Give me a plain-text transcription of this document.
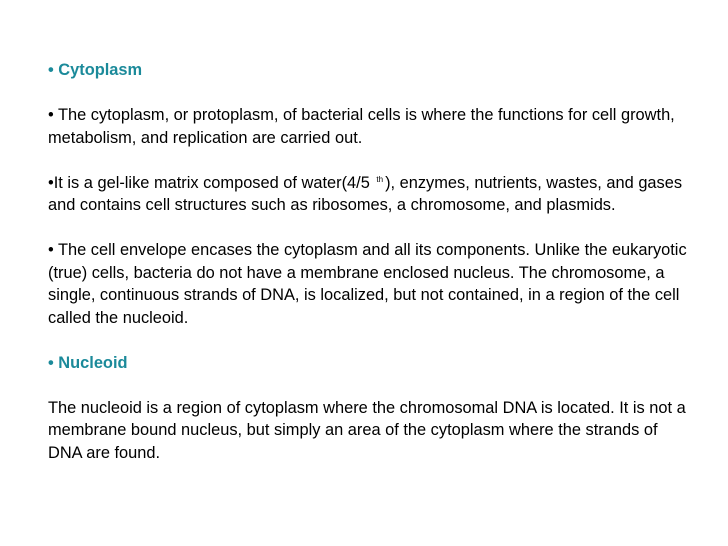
• Cytoplasm

• The cytoplasm, or protoplasm, of bacterial cells is where the functions for cell growth, metabolism, and replication are carried out.

•It is a gel-like matrix composed of water(4/5 $^{th}$ ), enzymes, nutrients, wastes, and gases and contains cell structures such as ribosomes, a chromosome, and plasmids.

• The cell envelope encases the cytoplasm and all its components. Unlike the eukaryotic (true) cells, bacteria do not have a membrane enclosed nucleus. The chromosome, a single, continuous strands of DNA, is localized, but not contained, in a region of the cell called the nucleoid.

• Nucleoid

The nucleoid is a region of cytoplasm where the chromosomal DNA is located. It is not a membrane bound nucleus, but simply an area of the cytoplasm where the strands of DNA are found.
